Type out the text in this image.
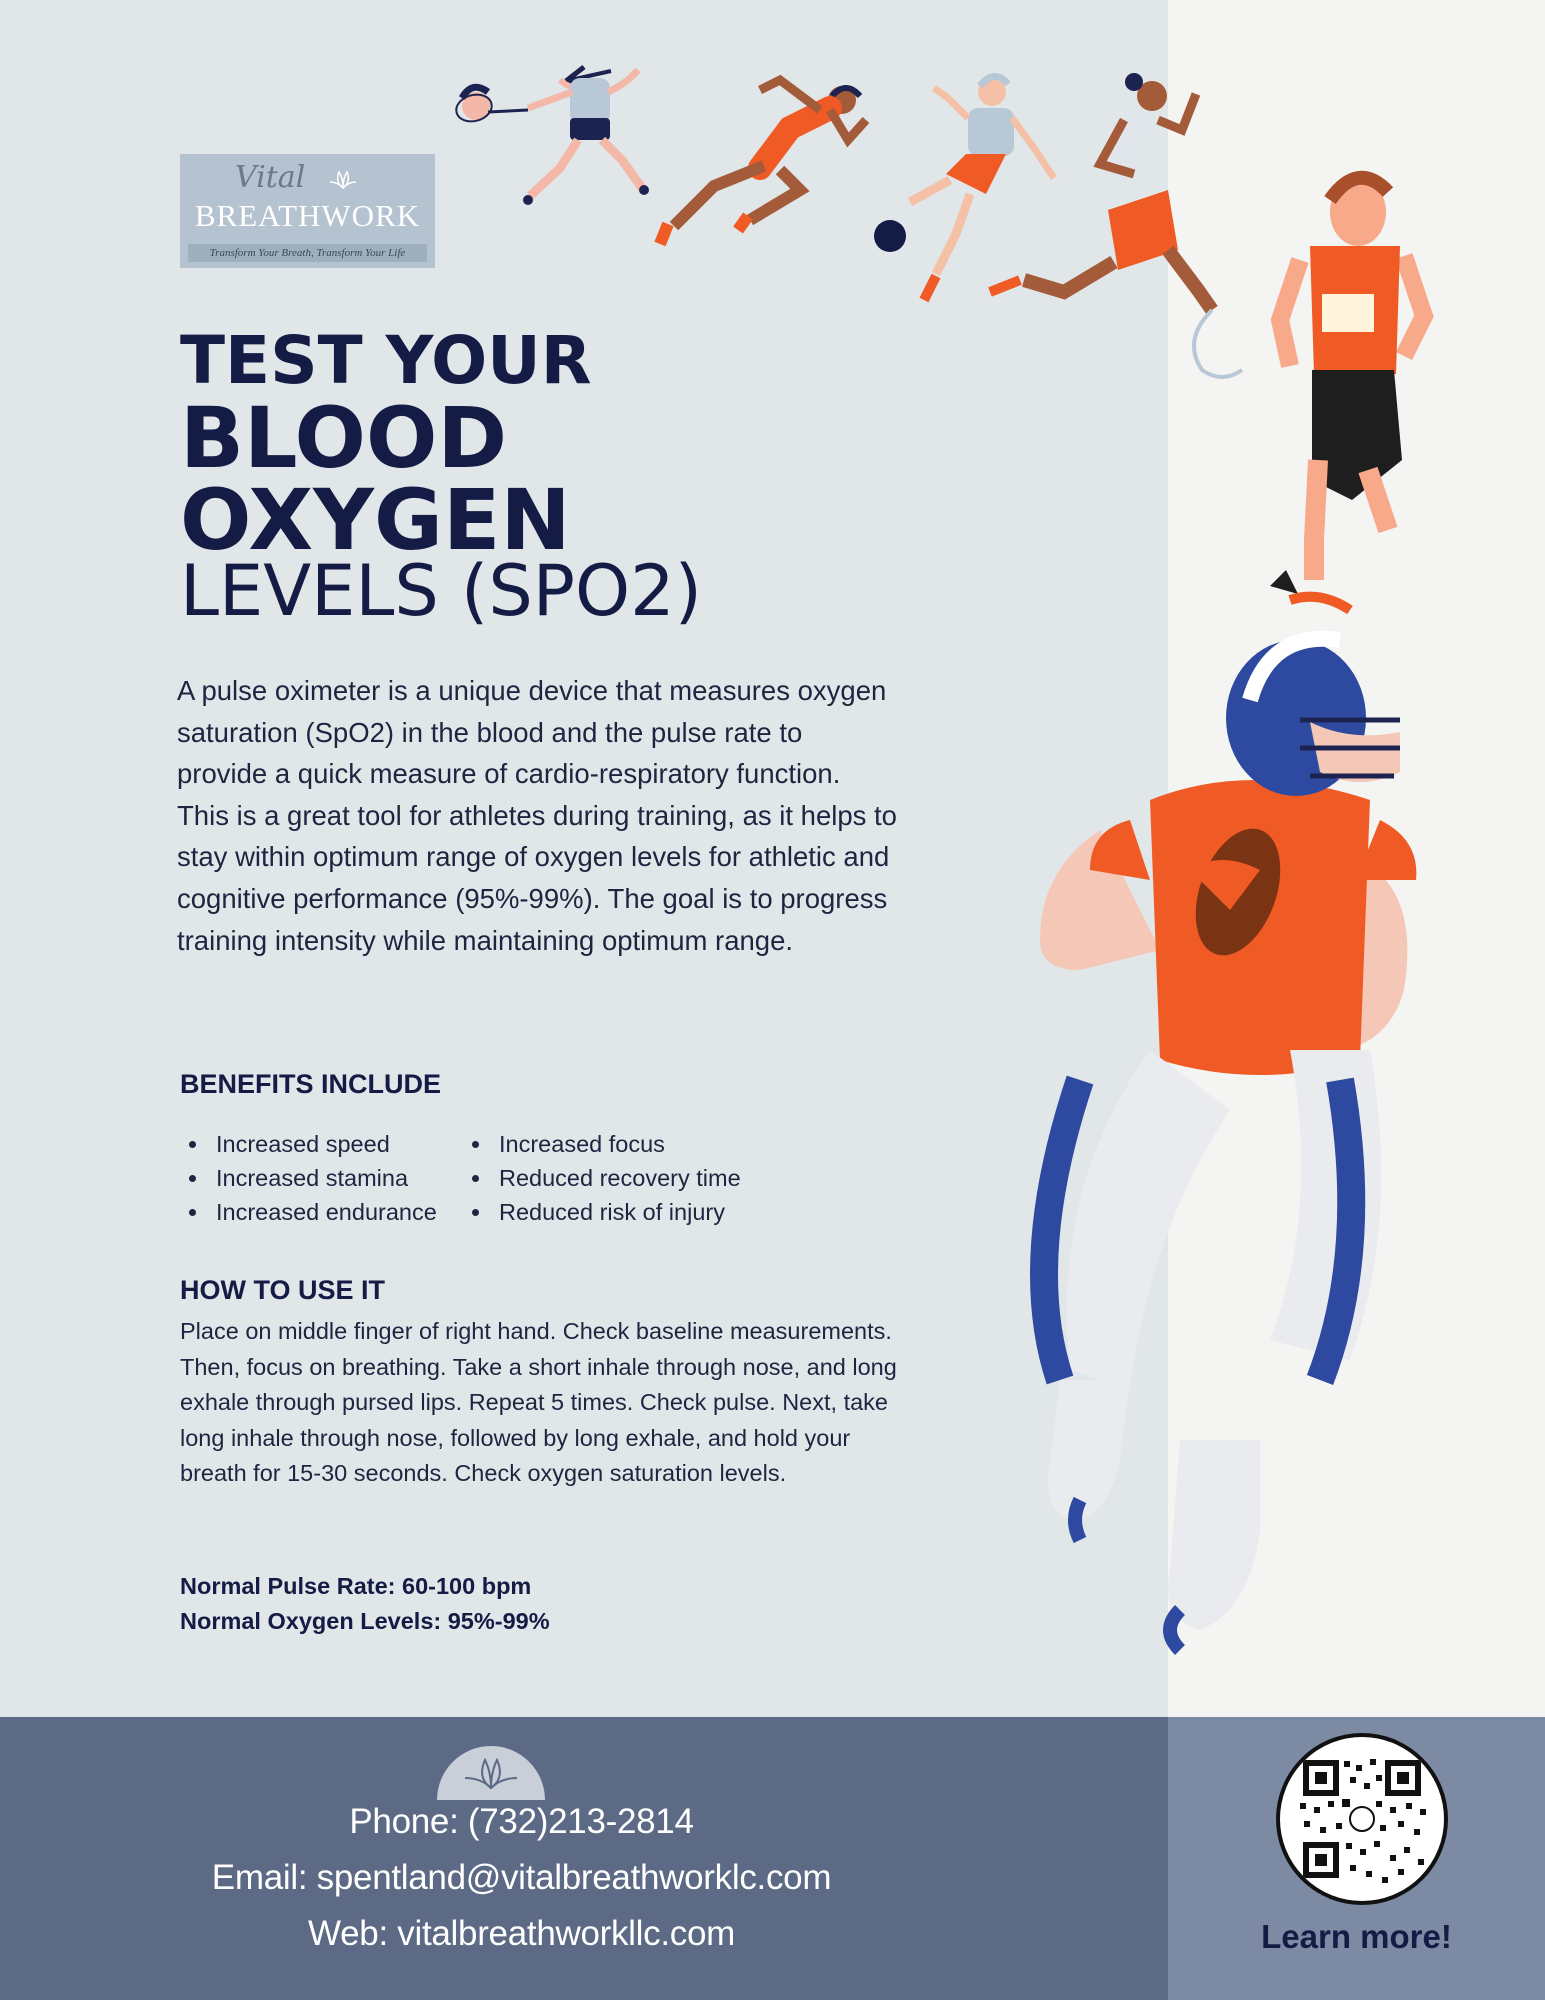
Vital
BREATHWORK
Transform Your Breath, Transform Your Life
TEST YOUR
BLOOD
OXYGEN
LEVELS (SPO2)
A pulse oximeter is a unique device that measures oxygen saturation (SpO2) in the blood and the pulse rate to provide a quick measure of cardio-respiratory function. This is a great tool for athletes during training, as it helps to stay within optimum range of oxygen levels for athletic and cognitive performance (95%-99%). The goal is to progress training intensity while maintaining optimum range.
BENEFITS INCLUDE
Increased speed
Increased stamina
Increased endurance
Increased focus
Reduced recovery time
Reduced risk of injury
HOW TO USE IT
Place on middle finger of right hand. Check baseline measurements. Then, focus on breathing. Take a short inhale through nose, and long exhale through pursed lips. Repeat 5 times. Check pulse. Next, take long inhale through nose, followed by long exhale, and hold your breath for 15-30 seconds. Check oxygen saturation levels.
Normal Pulse Rate: 60-100 bpm
Normal Oxygen Levels: 95%-99%
Phone: (732)213-2814
Email: spentland@vitalbreathworklc.com
Web: vitalbreathworkllc.com	Learn more!
